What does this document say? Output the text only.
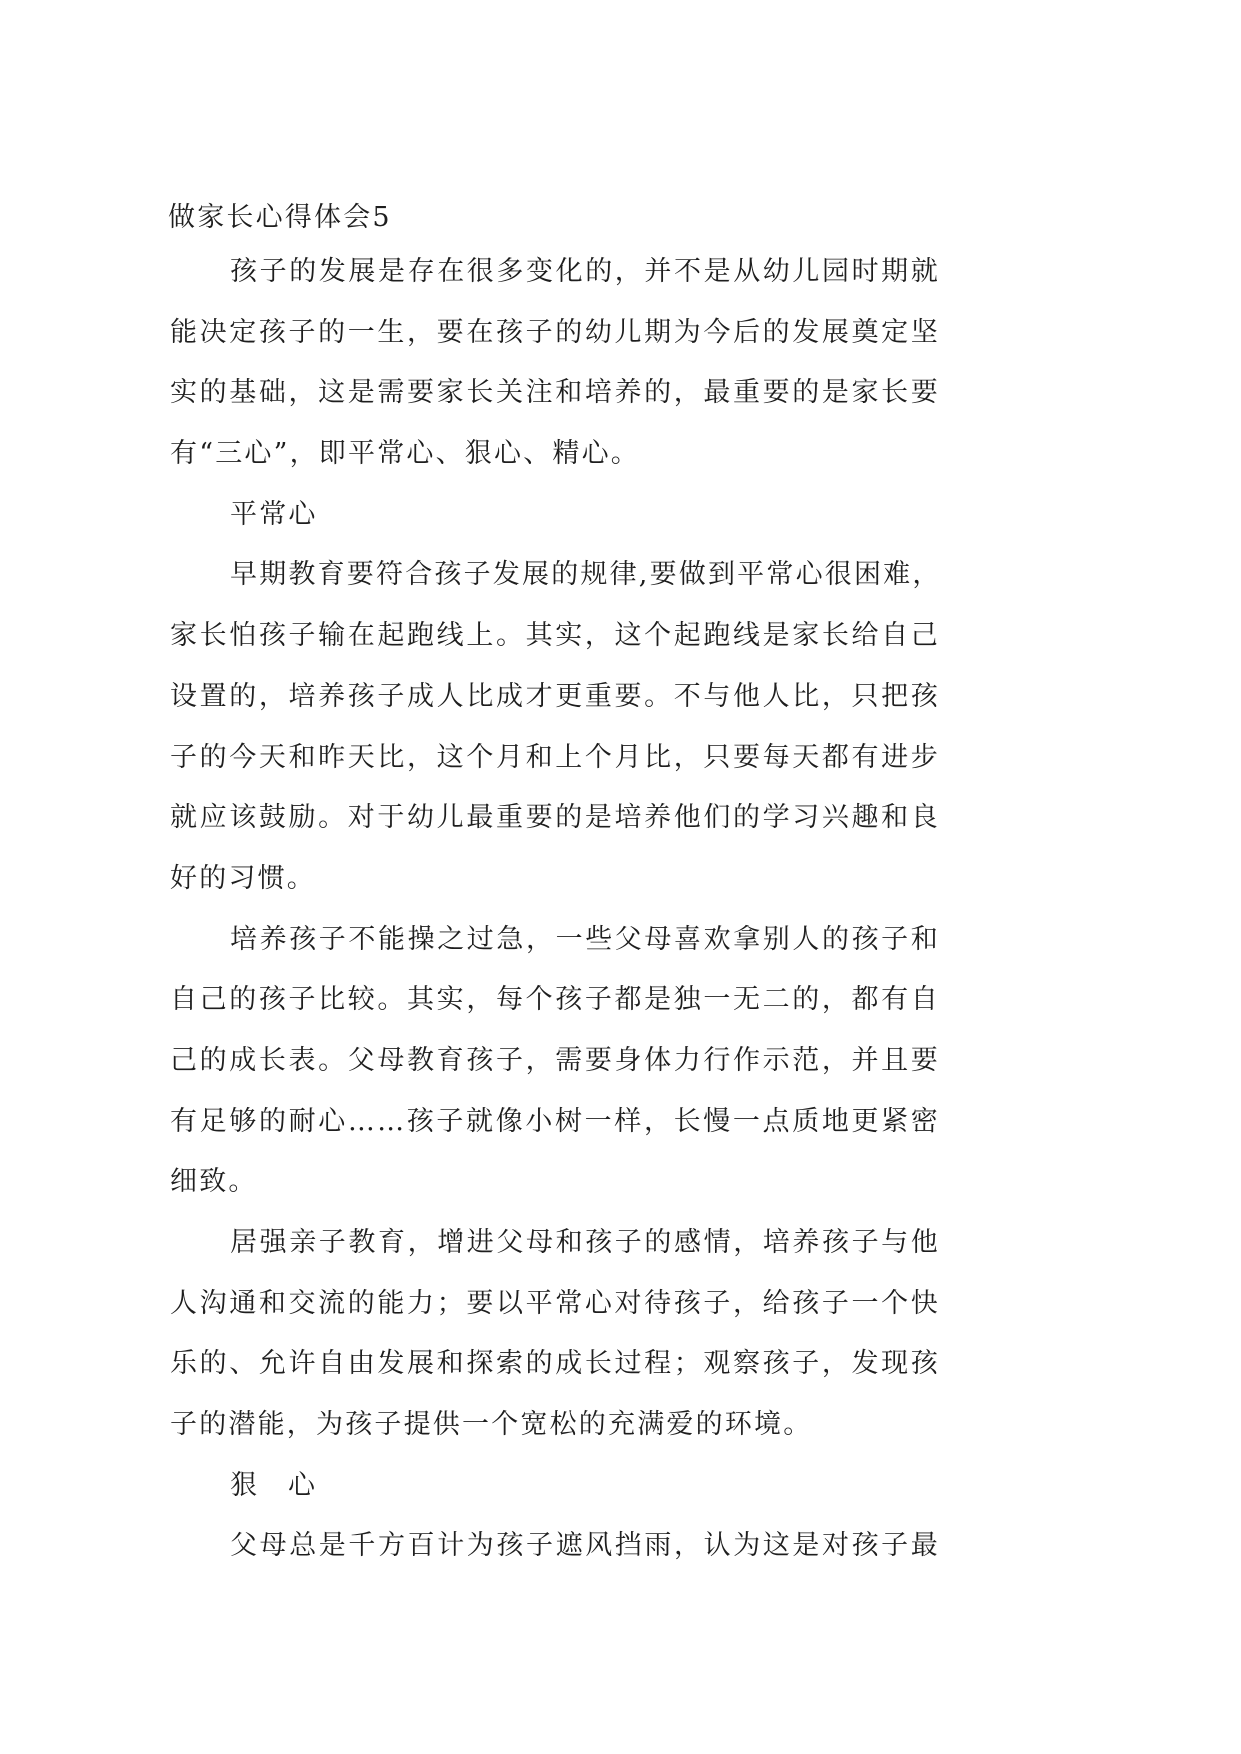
做家长心得体会5
孩子的发展是存在很多变化的，并不是从幼儿园时期就
能决定孩子的一生，要在孩子的幼儿期为今后的发展奠定坚
实的基础，这是需要家长关注和培养的，最重要的是家长要
有“三心”，即平常心、狠心、精心。
平常心
早期教育要符合孩子发展的规律,要做到平常心很困难，
家长怕孩子输在起跑线上。其实，这个起跑线是家长给自己
设置的，培养孩子成人比成才更重要。不与他人比，只把孩
子的今天和昨天比，这个月和上个月比，只要每天都有进步
就应该鼓励。对于幼儿最重要的是培养他们的学习兴趣和良
好的习惯。
培养孩子不能操之过急，一些父母喜欢拿别人的孩子和
自己的孩子比较。其实，每个孩子都是独一无二的，都有自
己的成长表。父母教育孩子，需要身体力行作示范，并且要
有足够的耐心……孩子就像小树一样，长慢一点质地更紧密
细致。
居强亲子教育，增进父母和孩子的感情，培养孩子与他
人沟通和交流的能力；要以平常心对待孩子，给孩子一个快
乐的、允许自由发展和探索的成长过程；观察孩子，发现孩
子的潜能，为孩子提供一个宽松的充满爱的环境。
狠 心
父母总是千方百计为孩子遮风挡雨，认为这是对孩子最
